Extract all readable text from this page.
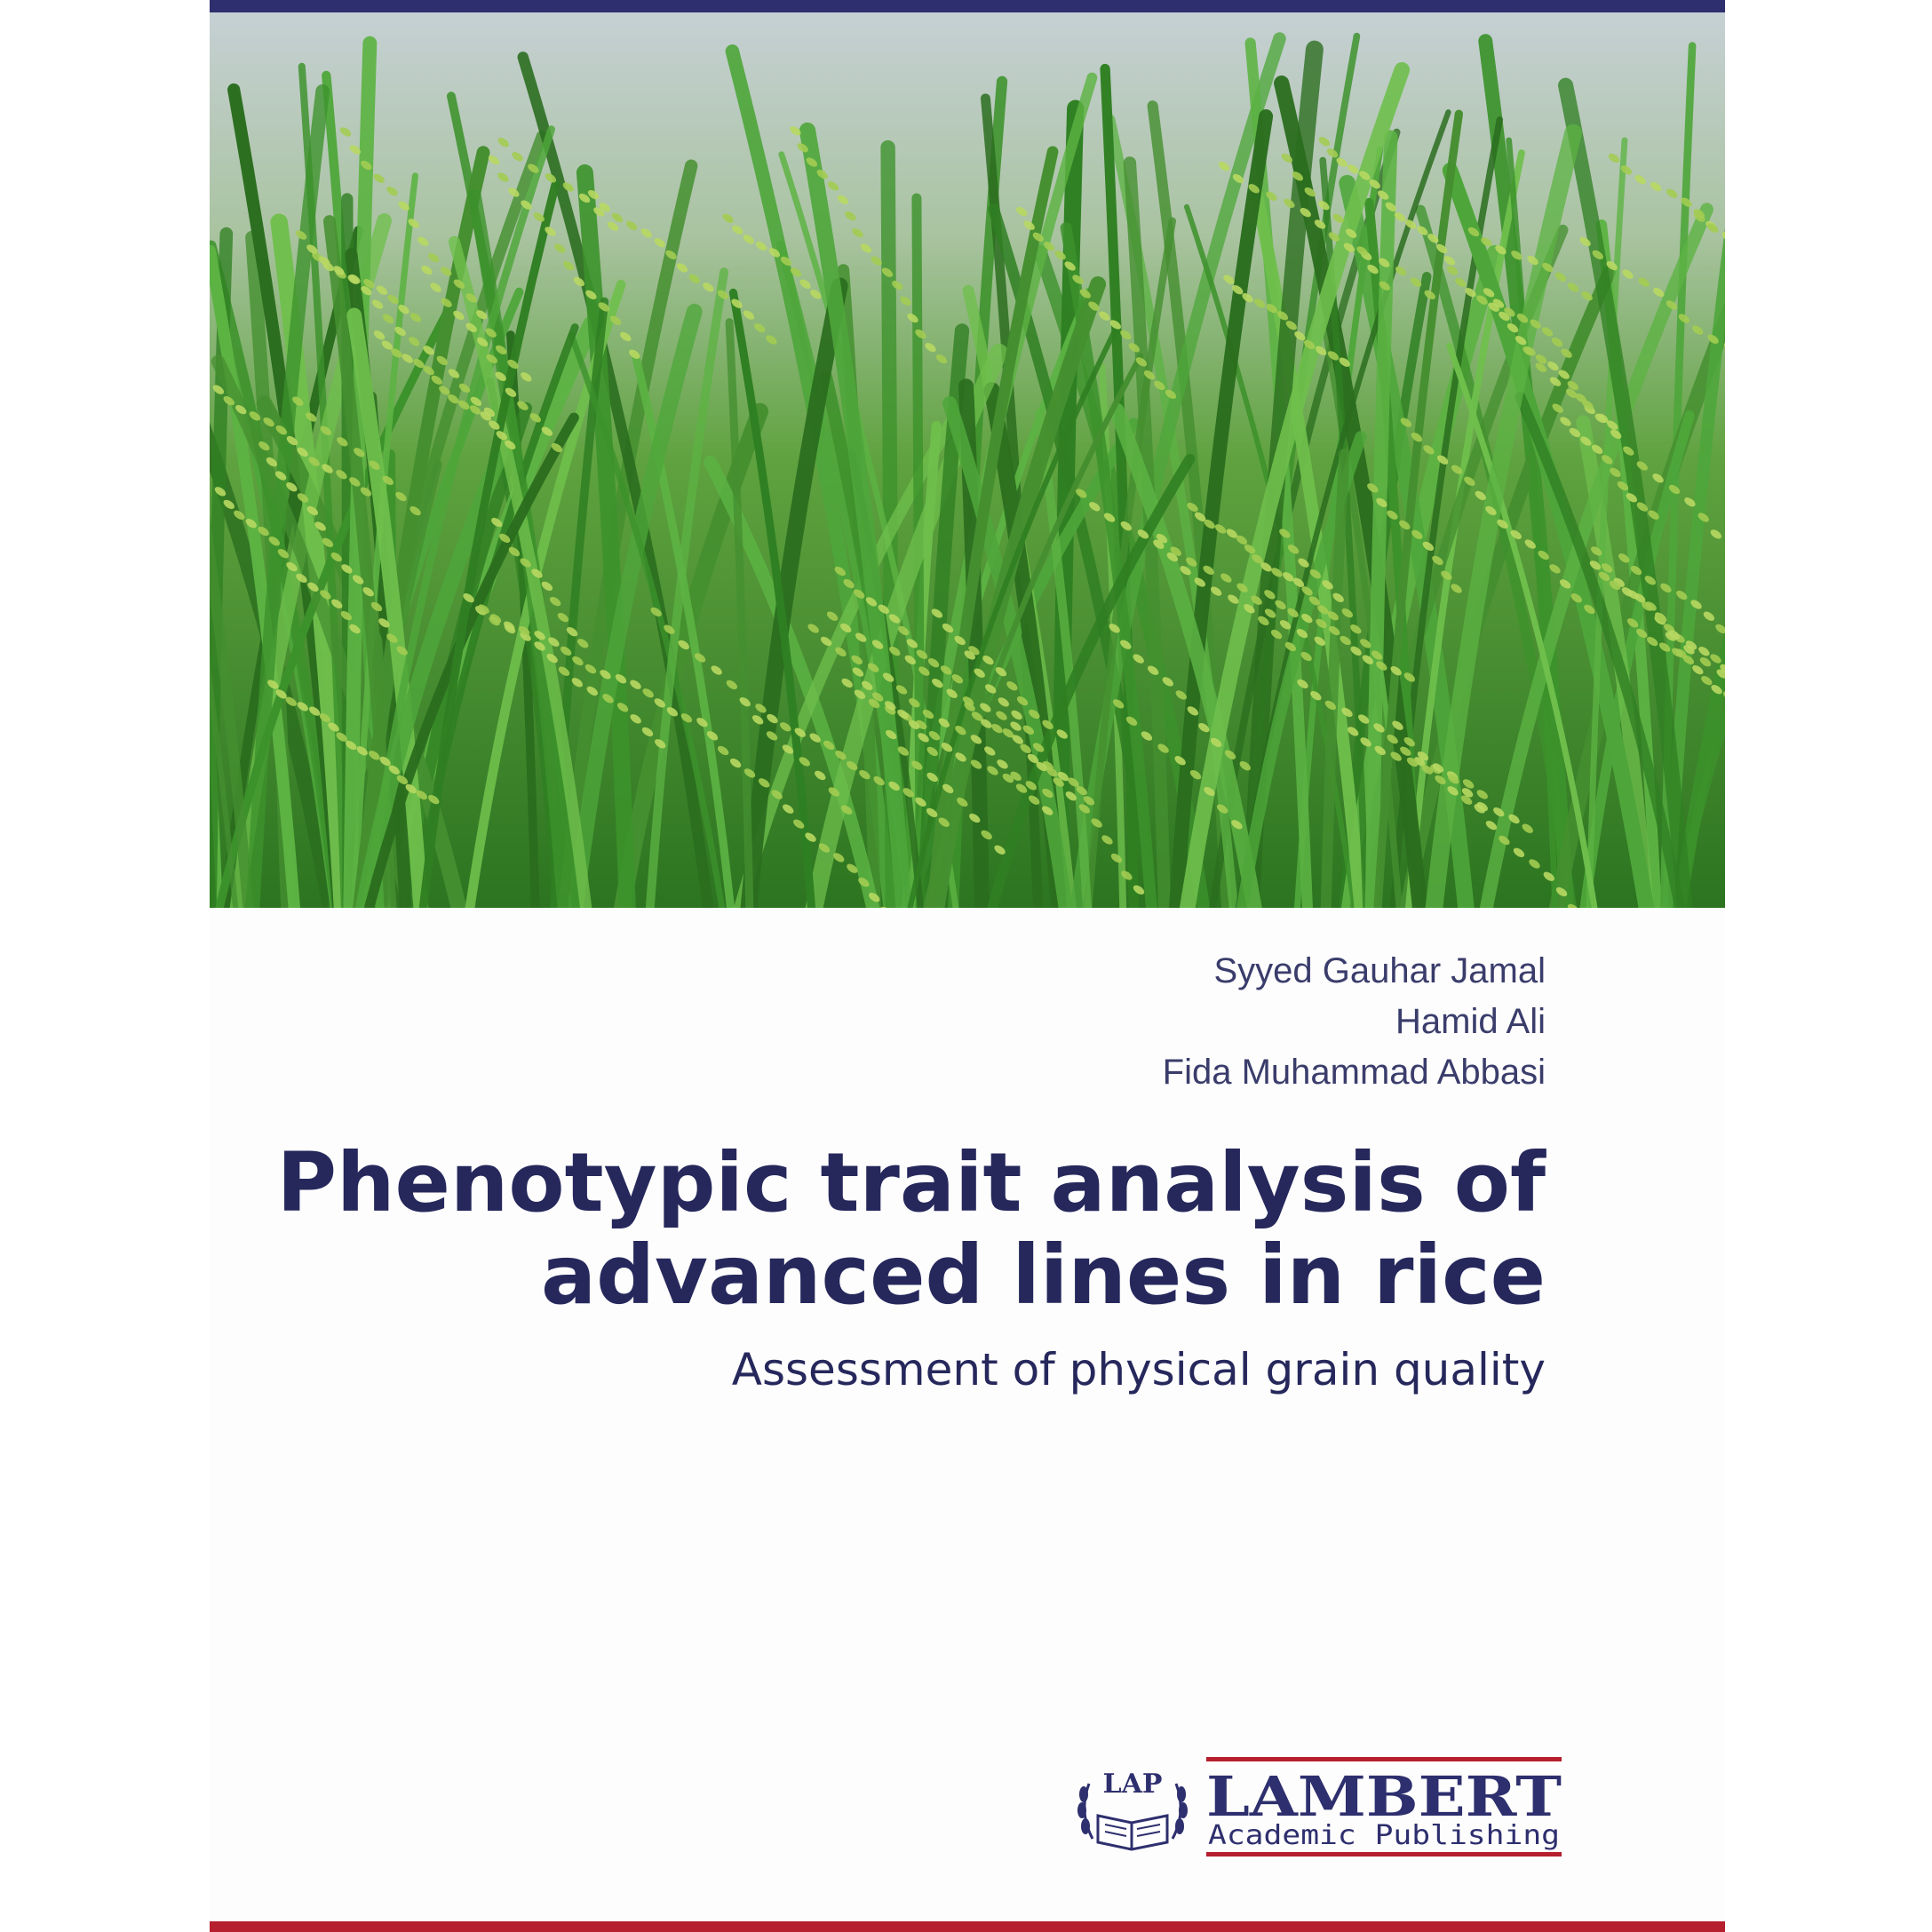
Syyed Gauhar Jamal
Hamid Ali
Fida Muhammad Abbasi
Phenotypic trait analysis of
advanced lines in rice
Assessment of physical grain quality
LAP LAMBERT
Academic Publishing
